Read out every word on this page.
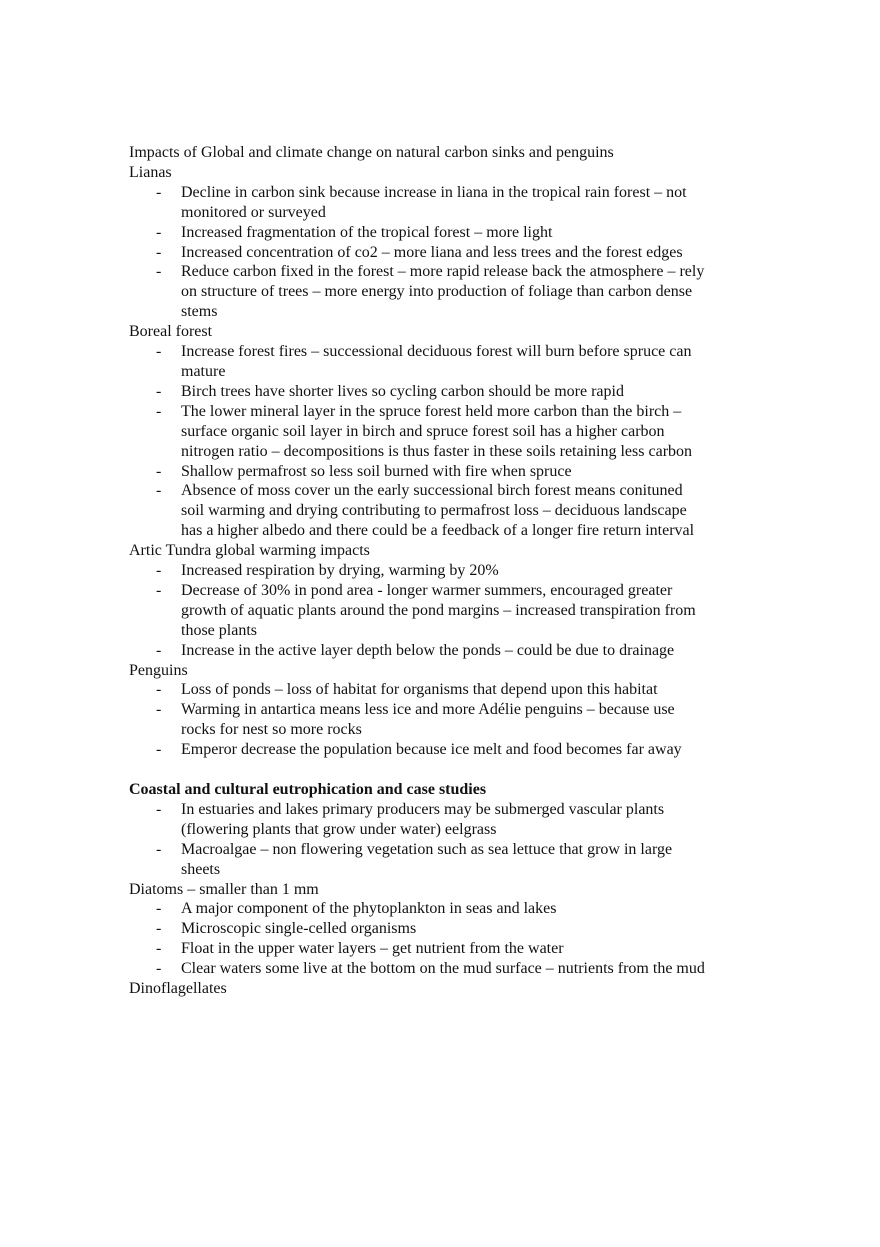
Impacts of Global and climate change on natural carbon sinks and penguins

Lianas

- Decline in carbon sink because increase in liana in the tropical rain forest – not
monitored or surveyed
- Increased fragmentation of the tropical forest – more light
- Increased concentration of co2 – more liana and less trees and the forest edges
- Reduce carbon fixed in the forest – more rapid release back the atmosphere – rely
on structure of trees – more energy into production of foliage than carbon dense
stems

Boreal forest

- Increase forest fires – successional deciduous forest will burn before spruce can
mature
- Birch trees have shorter lives so cycling carbon should be more rapid
- The lower mineral layer in the spruce forest held more carbon than the birch –
surface organic soil layer in birch and spruce forest soil has a higher carbon
nitrogen ratio – decompositions is thus faster in these soils retaining less carbon
- Shallow permafrost so less soil burned with fire when spruce
- Absence of moss cover un the early successional birch forest means conituned
soil warming and drying contributing to permafrost loss – deciduous landscape
has a higher albedo and there could be a feedback of a longer fire return interval

Artic Tundra global warming impacts

- Increased respiration by drying, warming by 20%
- Decrease of 30% in pond area - longer warmer summers, encouraged greater
growth of aquatic plants around the pond margins – increased transpiration from
those plants
- Increase in the active layer depth below the ponds – could be due to drainage

Penguins

- Loss of ponds – loss of habitat for organisms that depend upon this habitat
- Warming in antartica means less ice and more Adélie penguins – because use
rocks for nest so more rocks
- Emperor decrease the population because ice melt and food becomes far away

Coastal and cultural eutrophication and case studies

- In estuaries and lakes primary producers may be submerged vascular plants
(flowering plants that grow under water) eelgrass
- Macroalgae – non flowering vegetation such as sea lettuce that grow in large
sheets

Diatoms – smaller than 1 mm

- A major component of the phytoplankton in seas and lakes
- Microscopic single-celled organisms
- Float in the upper water layers – get nutrient from the water
- Clear waters some live at the bottom on the mud surface – nutrients from the mud

Dinoflagellates
